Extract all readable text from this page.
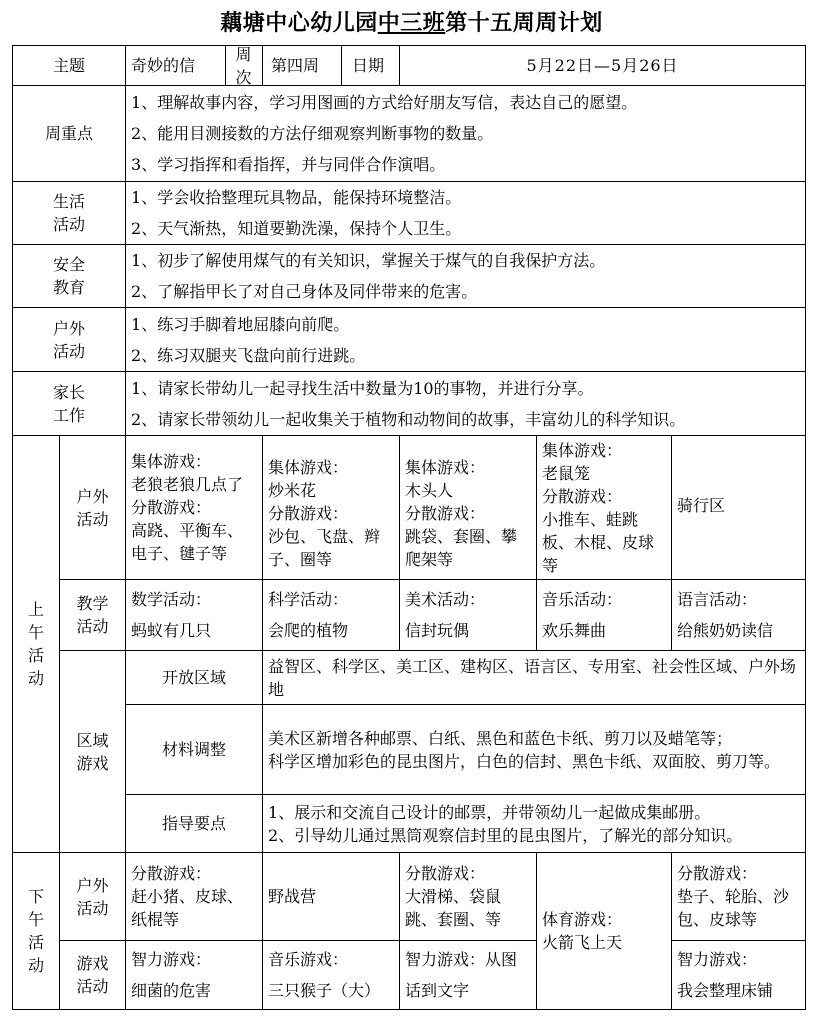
藕塘中心幼儿园中三班第十五周周计划
主题		奇妙的信
周次	第四周 日期	5月22日—5月26日		
周重点		1、理解故事内容，学习用图画的方式给好朋友写信，表达自己的愿望。
2、能用目测接数的方法仔细观察判断事物的数量。
3、学习指挥和看指挥，并与同伴合作演唱。				

生活
活动		1、学会收拾整理玩具物品，能保持环境整洁。
2、天气渐热，知道要勤洗澡，保持个人卫生。				

安全
教育		1、初步了解使用煤气的有关知识，掌握关于煤气的自我保护方法。
2、了解指甲长了对自己身体及同伴带来的危害。				

户外
活动		1、练习手脚着地屈膝向前爬。
2、练习双腿夹飞盘向前行进跳。				

家长
工作		1、请家长带幼儿一起寻找生活中数量为10的事物，并进行分享。
2、请家长带领幼儿一起收集关于植物和动物间的故事，丰富幼儿的科学知识。				

上
午
活
动	户外
活动	集体游戏：
老狼老狼几点了
分散游戏：
高跷、平衡车、电子、毽子等	集体游戏：
炒米花
分散游戏：
沙包、飞盘、辫子、圈等	集体游戏：
木头人
分散游戏：
跳袋、套圈、攀爬架等	集体游戏：
老鼠笼
分散游戏：
小推车、蛙跳板、木棍、皮球等	骑行区

	教学
活动	数学活动：
蚂蚁有几只	科学活动：
会爬的植物	美术活动：
信封玩偶	音乐活动：
欢乐舞曲	语言活动：
给熊奶奶读信

	区域
游戏	开放区域	益智区、科学区、美工区、建构区、语言区、专用室、社会性区域、户外场地			

		材料调整	美术区新增各种邮票、白纸、黑色和蓝色卡纸、剪刀以及蜡笔等；
科学区增加彩色的昆虫图片，白色的信封、黑色卡纸、双面胶、剪刀等。			

		指导要点	1、展示和交流自己设计的邮票，并带领幼儿一起做成集邮册。
2、引导幼儿通过黑筒观察信封里的昆虫图片，了解光的部分知识。			

下
午
活
动	户外
活动	分散游戏：
赶小猪、皮球、纸棍等	野战营	分散游戏：
大滑梯、袋鼠跳、套圈、等	体育游戏：
火箭飞上天	分散游戏：
垫子、轮胎、沙包、皮球等

	游戏
活动	智力游戏：
细菌的危害	音乐游戏：
三只猴子（大）	智力游戏：从图
话到文字		智力游戏：
我会整理床铺
